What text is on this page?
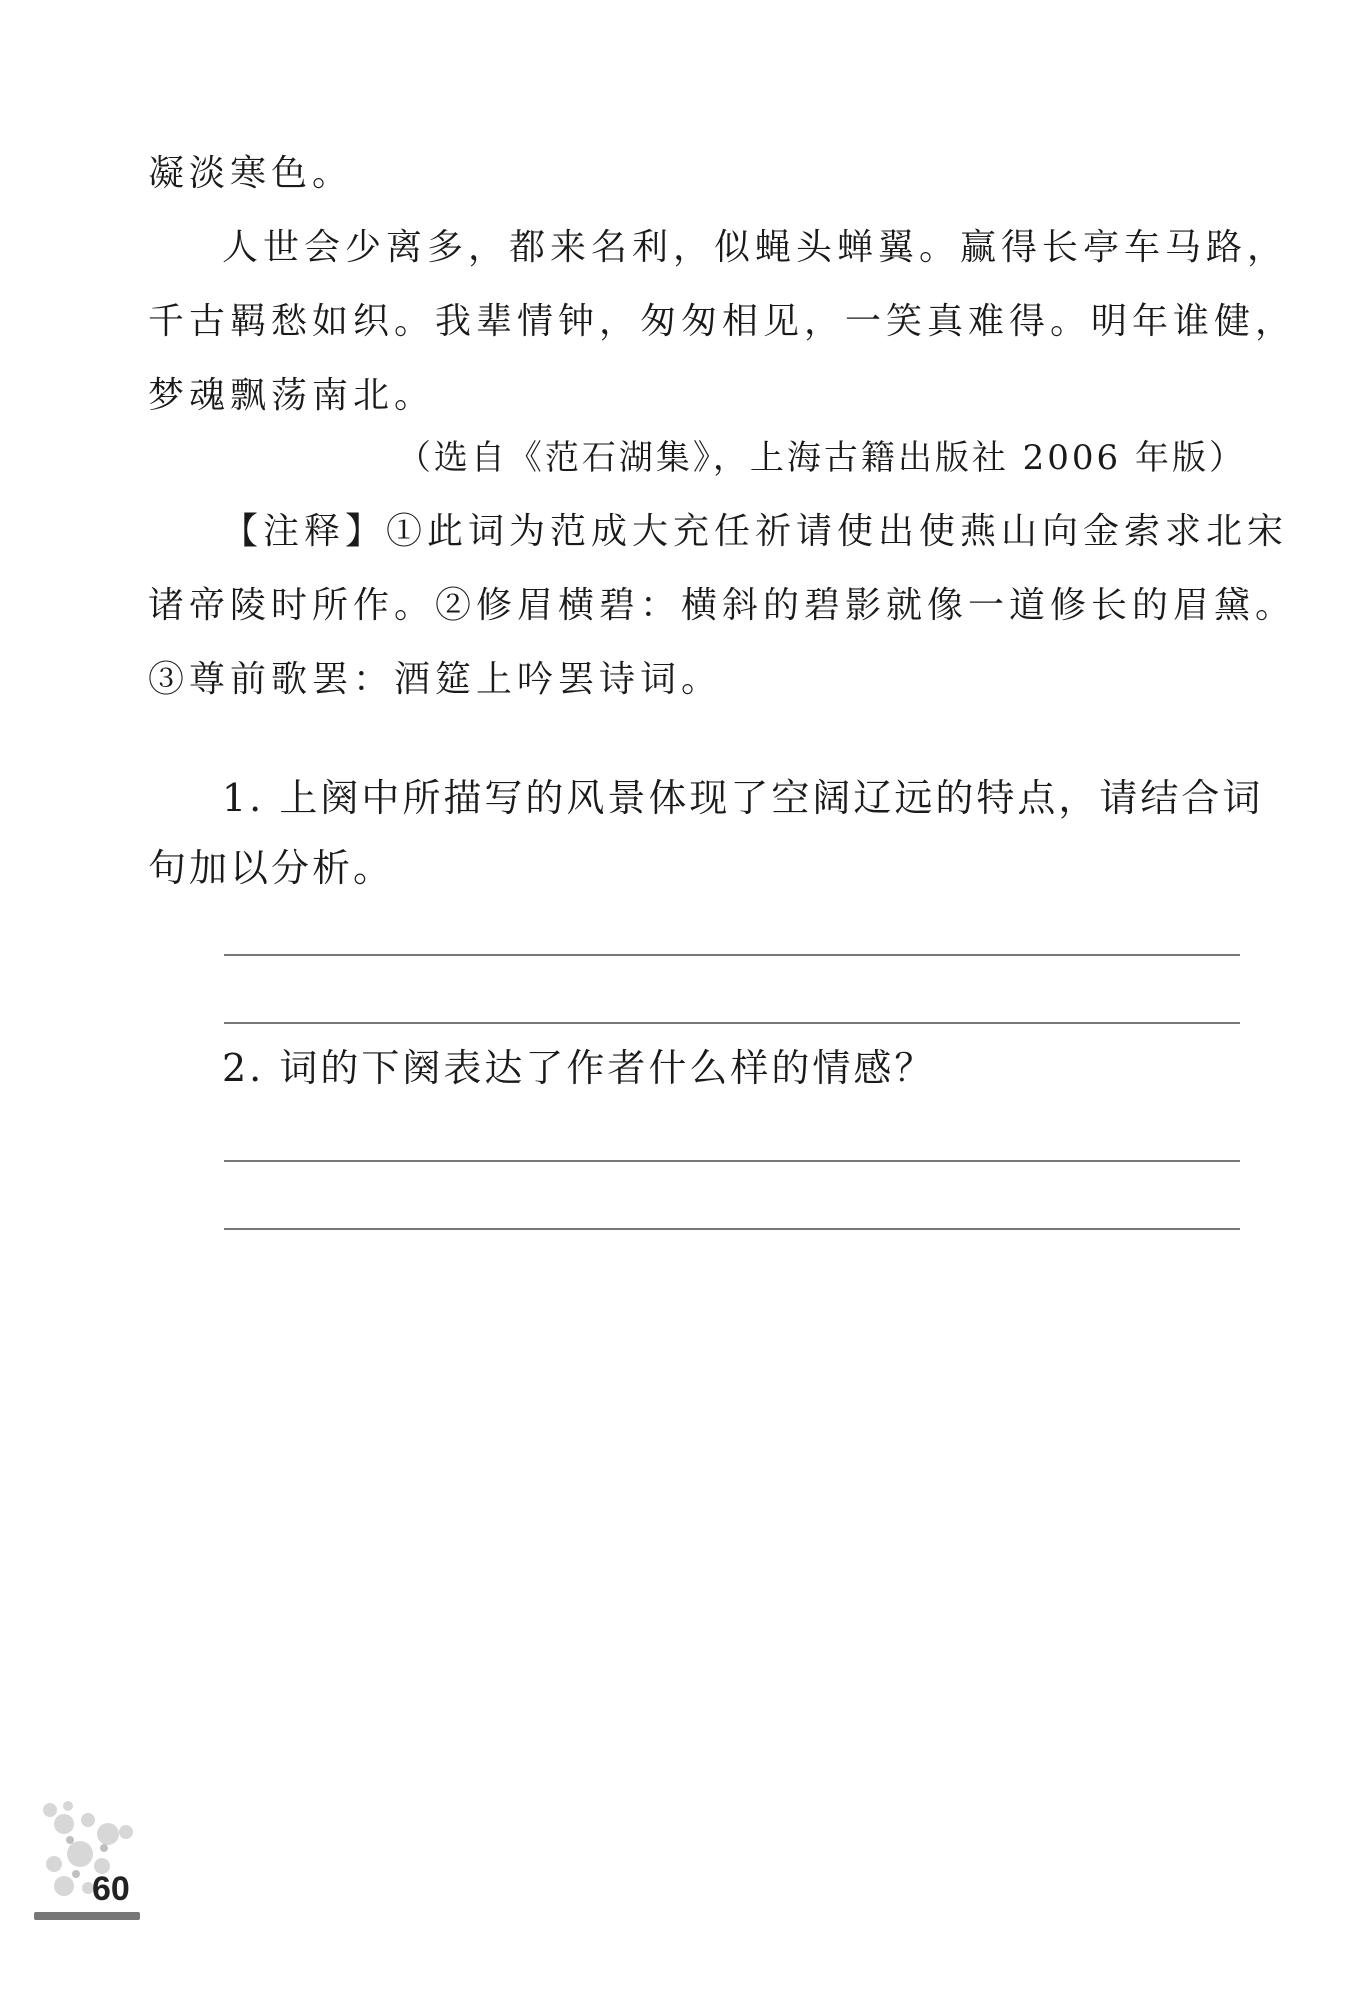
凝淡寒色。
人世会少离多，都来名利，似蝇头蝉翼。赢得长亭车马路，
千古羁愁如织。我辈情钟，匆匆相见，一笑真难得。明年谁健，
梦魂飘荡南北。
（选自《范石湖集》，上海古籍出版社 2006 年版）
【注释】①此词为范成大充任祈请使出使燕山向金索求北宋
诸帝陵时所作。②修眉横碧：横斜的碧影就像一道修长的眉黛。
③尊前歌罢：酒筵上吟罢诗词。
1. 上阕中所描写的风景体现了空阔辽远的特点，请结合词
句加以分析。
2. 词的下阕表达了作者什么样的情感？
60
